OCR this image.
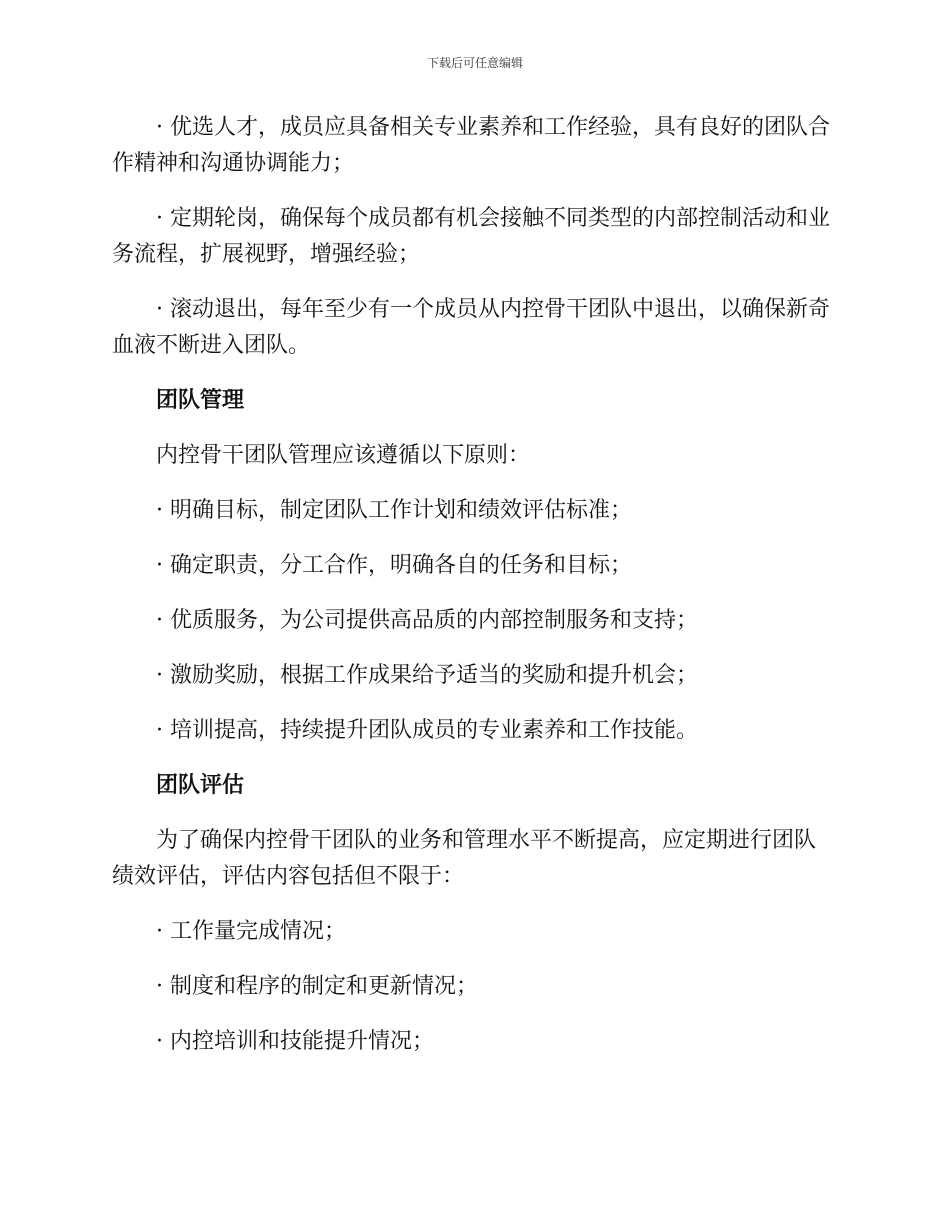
下载后可任意编辑

· 优选人才，成员应具备相关专业素养和工作经验，具有良好的团队合作精神和沟通协调能力；

· 定期轮岗，确保每个成员都有机会接触不同类型的内部控制活动和业务流程，扩展视野，增强经验；

· 滚动退出，每年至少有一个成员从内控骨干团队中退出，以确保新奇血液不断进入团队。

团队管理

内控骨干团队管理应该遵循以下原则：

· 明确目标，制定团队工作计划和绩效评估标准；

· 确定职责，分工合作，明确各自的任务和目标；

· 优质服务，为公司提供高品质的内部控制服务和支持；

· 激励奖励，根据工作成果给予适当的奖励和提升机会；

· 培训提高，持续提升团队成员的专业素养和工作技能。

团队评估

为了确保内控骨干团队的业务和管理水平不断提高，应定期进行团队绩效评估，评估内容包括但不限于：

· 工作量完成情况；

· 制度和程序的制定和更新情况；

· 内控培训和技能提升情况；
